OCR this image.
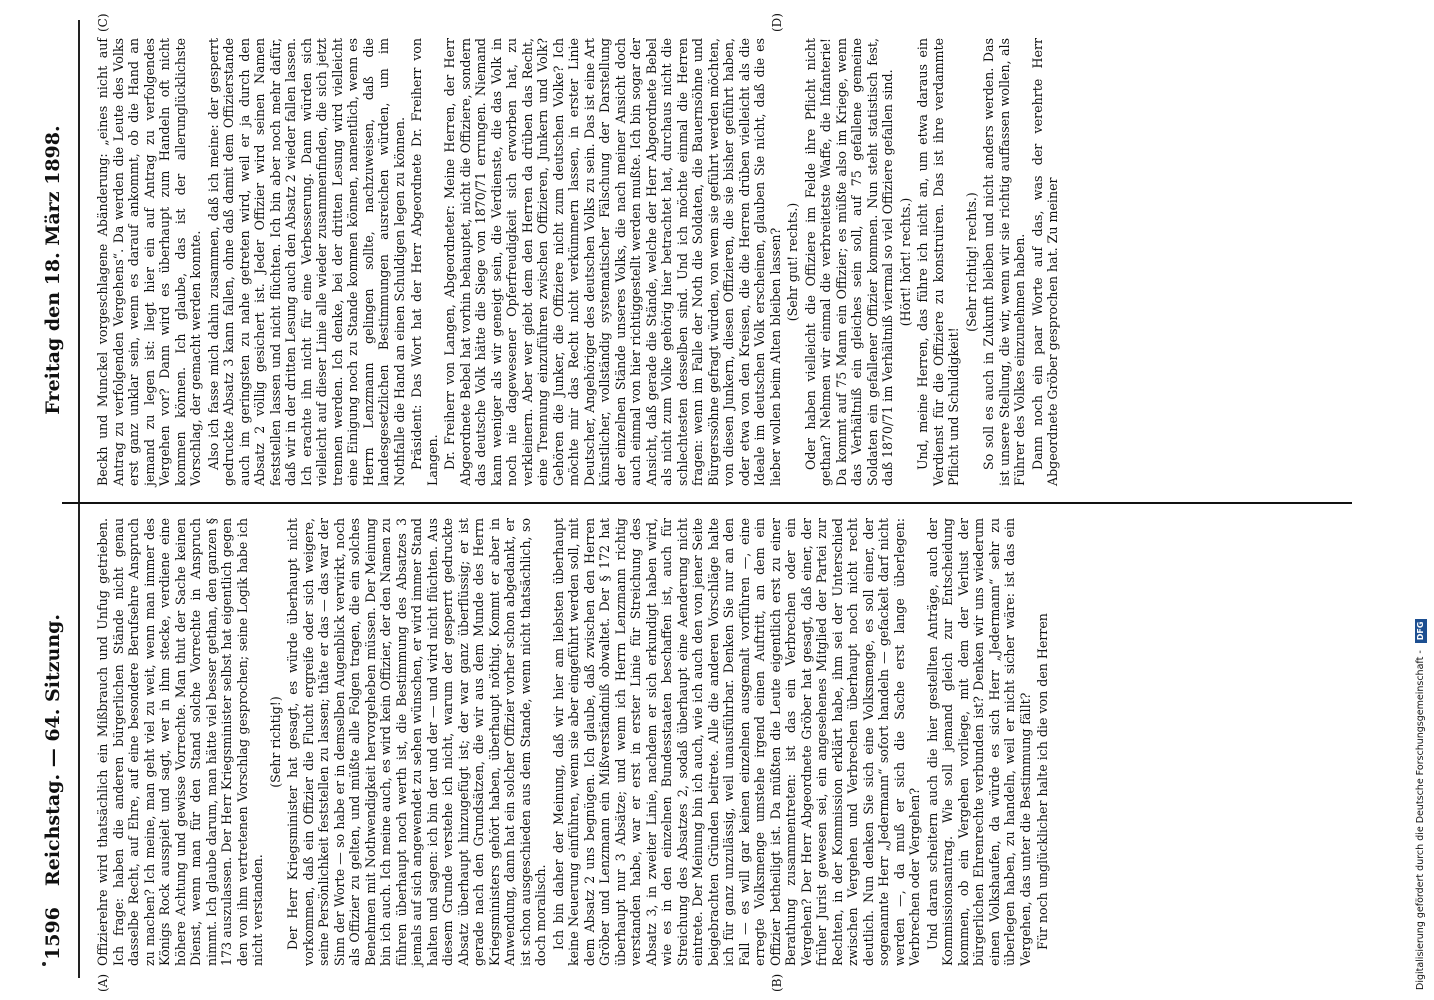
1596
Reichstag. — 64. Sitzung.
Freitag den 18. März 1898.
(A)	(B)
(C)	(D)

Offizierehre wird thatsächlich ein Mißbrauch und Unfug getrieben. Ich frage: haben die anderen bürgerlichen Stände nicht genau dasselbe Recht, auf Ehre, auf eine besondere Berufsehre Anspruch zu machen? Ich meine, man geht viel zu weit, wenn man immer des Königs Rock ausspielt und sagt, wer in ihm stecke, verdiene eine höhere Achtung und gewisse Vorrechte. Man thut der Sache keinen Dienst, wenn man für den Stand solche Vorrechte in Anspruch nimmt. Ich glaube darum, man hätte viel besser gethan, den ganzen § 173 auszulassen. Der Herr Kriegsminister selbst hat eigentlich gegen den von ihm vertretenen Vorschlag gesprochen; seine Logik habe ich nicht verstanden.

(Sehr richtig!) Der Herr Kriegsminister hat gesagt, es würde überhaupt nicht vorkommen, daß ein Offizier die Flucht ergreife oder sich weigere, seine Persönlichkeit feststellen zu lassen; thäte er das — das war der Sinn der Worte — so habe er in demselben Augenblick verwirkt, noch als Offizier zu gelten, und müßte alle Folgen tragen, die ein solches Benehmen mit Nothwendigkeit hervorgeheben müssen. Der Meinung bin ich auch. Ich meine auch, es wird kein Offizier, der den Namen zu führen überhaupt noch werth ist, die Bestimmung des Absatzes 3 jemals auf sich angewendet zu sehen wünschen, er wird immer Stand halten und sagen: ich bin der und der — und wird nicht flüchten. Aus diesem Grunde verstehe ich nicht, warum der gesperrt gedruckte Absatz überhaupt hinzugefügt ist; der war ganz überflüssig; er ist gerade nach den Grundsätzen, die wir aus dem Munde des Herrn Kriegsministers gehört haben, überhaupt nöthig. Kommt er aber in Anwendung, dann hat ein solcher Offizier vorher schon abgedankt, er ist schon ausgeschieden aus dem Stande, wenn nicht thatsächlich, so doch moralisch. Ich bin daher der Meinung, daß wir hier am liebsten überhaupt keine Neuerung einführen, wenn sie aber eingeführt werden soll, mit dem Absatz 2 uns begnügen. Ich glaube, daß zwischen den Herren Gröber und Lenzmann ein Mißverständniß obwaltet. Der § 172 hat überhaupt nur 3 Absätze; und wenn ich Herrn Lenzmann richtig verstanden habe, war er erst in erster Linie für Streichung des Absatz 3, in zweiter Linie, nachdem er sich erkundigt haben wird, wie es in den einzelnen Bundesstaaten beschaffen ist, auch für Streichung des Absatzes 2, sodaß überhaupt eine Aenderung nicht eintrete. Der Meinung bin ich auch, wie ich auch den von jener Seite beigebrachten Gründen beitrete. Alle die anderen Vorschläge halte ich für ganz unzulässig, weil unausführbar. Denken Sie nur an den Fall — es will gar keinen einzelnen ausgemalt vorführen —, eine erregte Volksmenge umstehe irgend einen Auftritt, an dem ein Offizier betheiligt ist. Da müßten die Leute eigentlich erst zu einer Berathung zusammentreten: ist das ein Verbrechen oder ein Vergehen? Der Herr Abgeordnete Gröber hat gesagt, daß einer, der früher Jurist gewesen sei, ein angesehenes Mitglied der Partei zur Rechten, in der Kommission erklärt habe, ihm sei der Unterschied zwischen Vergehen und Verbrechen überhaupt noch nicht recht deutlich. Nun denken Sie sich eine Volksmenge, es soll einer, der sogenannte Herr „Jedermann“ sofort handeln — gefackelt darf nicht werden —, da muß er sich die Sache erst lange überlegen: Verbrechen oder Vergehen? Und daran scheitern auch die hier gestellten Anträge, auch der Kommissionsantrag. Wie soll jemand gleich zur Entscheidung kommen, ob ein Vergehen vorliege, mit dem der Verlust der bürgerlichen Ehrenrechte verbunden ist? Denken wir uns wiederum einen Volkshaufen, da würde es sich Herr „Jedermann“ sehr zu überlegen haben, zu handeln, weil er nicht sicher wäre: ist das ein Vergehen, das unter die Bestimmung fällt? Für noch unglücklicher halte ich die von den Herren

Beckh und Munckel vorgeschlagene Abänderung: „eines nicht auf Antrag zu verfolgenden Vergehens“. Da werden die Leute des Volks erst ganz unklar sein, wenn es darauf ankommt, ob die Hand an jemand zu legen ist: liegt hier ein auf Antrag zu verfolgendes Vergehen vor? Dann wird es überhaupt zum Handeln oft nicht kommen können. Ich glaube, das ist der allerunglücklichste Vorschlag, der gemacht werden konnte. Also ich fasse mich dahin zusammen, daß ich meine: der gesperrt gedruckte Absatz 3 kann fallen, ohne daß damit dem Offizierstande auch im geringsten zu nahe getreten wird, weil er ja durch den Absatz 2 völlig gesichert ist. Jeder Offizier wird seinen Namen feststellen lassen und nicht flüchten. Ich bin aber noch mehr dafür, daß wir in der dritten Lesung auch den Absatz 2 wieder fallen lassen. Ich erachte ihn nicht für eine Verbesserung. Dann würden sich vielleicht auf dieser Linie alle wieder zusammenfinden, die sich jetzt trennen werden. Ich denke, bei der dritten Lesung wird vielleicht eine Einigung noch zu Stande kommen können, namentlich, wenn es Herrn Lenzmann gelingen sollte, nachzuweisen, daß die landesgesetzlichen Bestimmungen ausreichen würden, um im Nothfalle die Hand an einen Schuldigen legen zu können. Präsident: Das Wort hat der Herr Abgeordnete Dr. Freiherr von Langen. Dr. Freiherr von Langen, Abgeordneter: Meine Herren, der Herr Abgeordnete Bebel hat vorhin behauptet, nicht die Offiziere, sondern das deutsche Volk hätte die Siege von 1870/71 errungen. Niemand kann weniger als wir geneigt sein, die Verdienste, die das Volk in noch nie dagewesener Opferfreudigkeit sich erworben hat, zu verkleinern. Aber wer giebt dem den Herren da drüben das Recht, eine Trennung einzuführen zwischen Offizieren, Junkern und Volk? Gehören die Junker, die Offiziere nicht zum deutschen Volke? Ich möchte mir das Recht nicht verkümmern lassen, in erster Linie Deutscher, Angehöriger des deutschen Volks zu sein. Das ist eine Art künstlicher, vollständig systematischer Fälschung der Darstellung der einzelnen Stände unseres Volks, die nach meiner Ansicht doch auch einmal von hier richtiggestellt werden mußte. Ich bin sogar der Ansicht, daß gerade die Stände, welche der Herr Abgeordnete Bebel als nicht zum Volke gehörig hier betrachtet hat, durchaus nicht die schlechtesten desselben sind. Und ich möchte einmal die Herren fragen: wenn im Falle der Noth die Soldaten, die Bauernsöhne und Bürgerssöhne gefragt würden, von wem sie geführt werden möchten, von diesen Junkern, diesen Offizieren, die sie bisher geführt haben, oder etwa von den Kreisen, die die Herren drüben vielleicht als die Ideale im deutschen Volk erscheinen, glauben Sie nicht, daß die es lieber wollen beim Alten bleiben lassen? (Sehr gut! rechts.) Oder haben vielleicht die Offiziere im Felde ihre Pflicht nicht gethan? Nehmen wir einmal die verbreitetste Waffe, die Infanterie! Da kommt auf 75 Mann ein Offizier; es müßte also im Kriege, wenn das Verhältniß ein gleiches sein soll, auf 75 gefallene gemeine Soldaten ein gefallener Offizier kommen. Nun steht statistisch fest, daß 1870/71 im Verhältniß viermal so viel Offiziere gefallen sind. (Hört! hört! rechts.) Und, meine Herren, das führe ich nicht an, um etwa daraus ein Verdienst für die Offiziere zu konstruiren. Das ist ihre verdammte Pflicht und Schuldigkeit!

(Sehr richtig! rechts.) So soll es auch in Zukunft bleiben und nicht anders werden. Das ist unsere Stellung, die wir, wenn wir sie richtig auffassen wollen, als Führer des Volkes einzunehmen haben. Dann noch ein paar Worte auf das, was der verehrte Herr Abgeordnete Gröber gesprochen hat. Zu meiner

Digitalisierung gefördert durch die Deutsche Forschungsgemeinschaft - DFG
